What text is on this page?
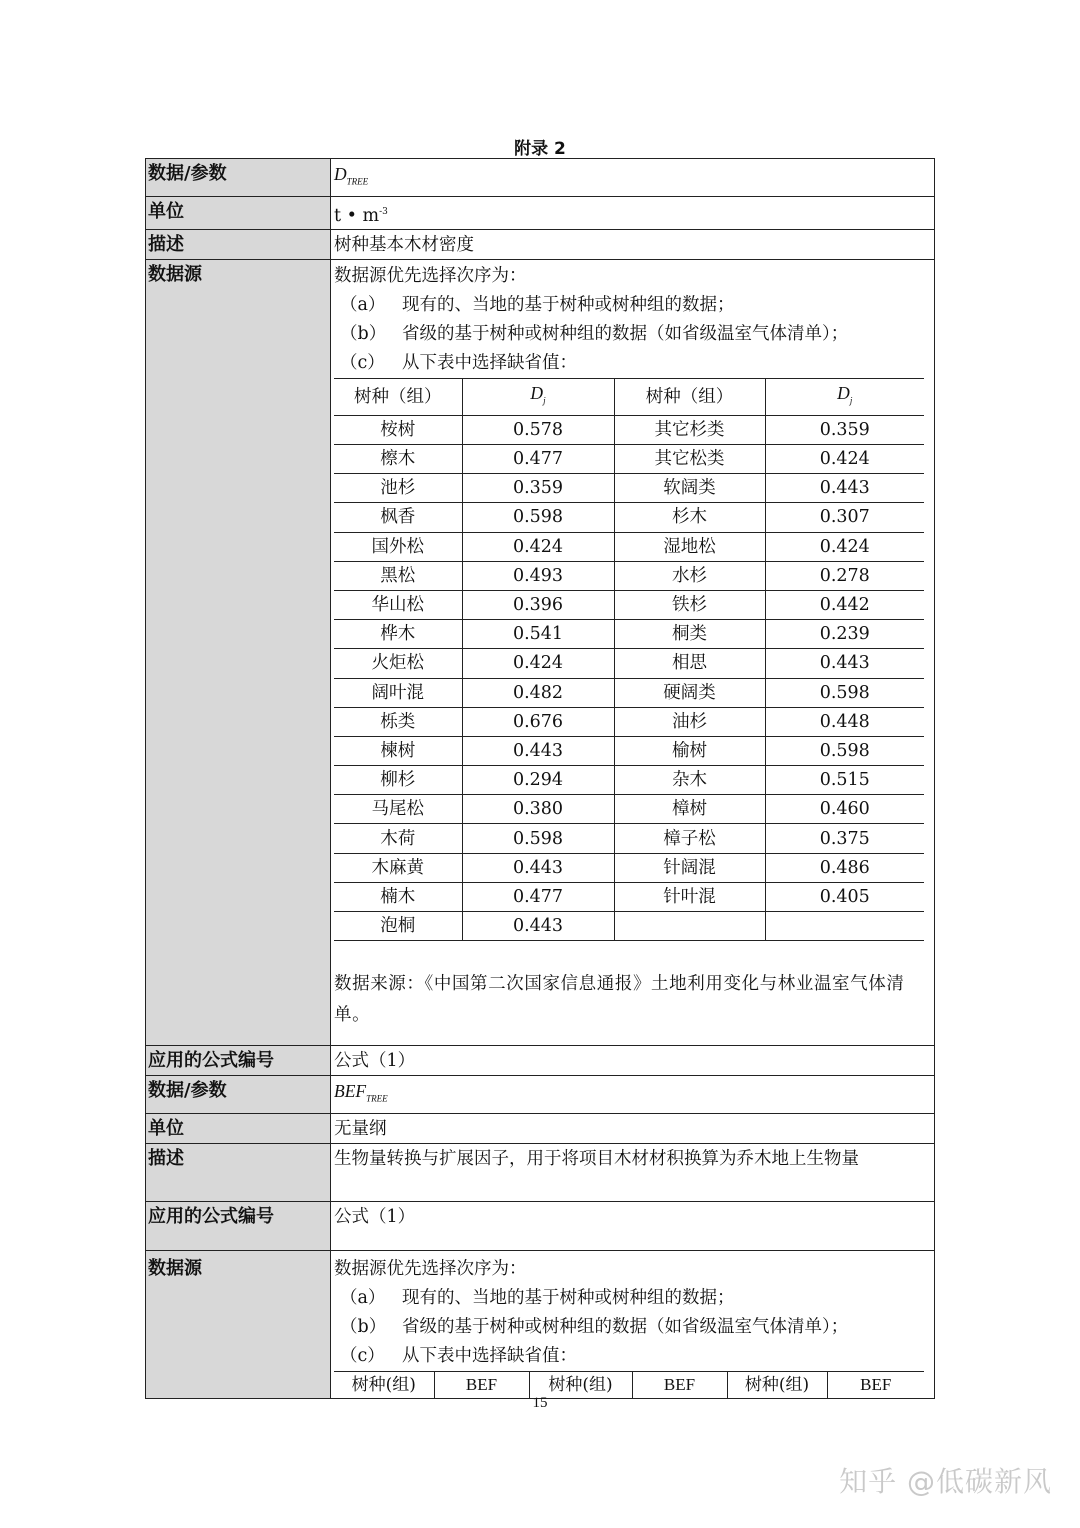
附录 2
数据/参数	$D_{TREE}$
单位	t • $m^{-3}$
描述	树种基本木材密度
数据源	数据源优先选择次序为：
（a） 现有的、当地的基于树种或树种组的数据；
（b） 省级的基于树种或树种组的数据（如省级温室气体清单）；
（c） 从下表中选择缺省值：
树种（组）	$D_j$	树种（组）	$D_j$
桉树	0.578	其它杉类	0.359
檫木	0.477	其它松类	0.424
池杉	0.359	软阔类	0.443
枫香	0.598	杉木	0.307
国外松	0.424	湿地松	0.424
黑松	0.493	水杉	0.278
华山松	0.396	铁杉	0.442
桦木	0.541	桐类	0.239
火炬松	0.424	相思	0.443
阔叶混	0.482	硬阔类	0.598
栎类	0.676	油杉	0.448
楝树	0.443	榆树	0.598
柳杉	0.294	杂木	0.515
马尾松	0.380	樟树	0.460
木荷	0.598	樟子松	0.375
木麻黄	0.443	针阔混	0.486
楠木	0.477	针叶混	0.405
泡桐	0.443		
数据来源：《中国第二次国家信息通报》土地利用变化与林业温室气体清单。

应用的公式编号	公式（1）
数据/参数	$BEF_{TREE}$
单位	无量纲
描述	生物量转换与扩展因子，用于将项目木材材积换算为乔木地上生物量
应用的公式编号	公式（1）
数据源	数据源优先选择次序为：
（a） 现有的、当地的基于树种或树种组的数据；
（b） 省级的基于树种或树种组的数据（如省级温室气体清单）；
（c） 从下表中选择缺省值：
树种(组)	BEF	树种(组)	BEF	树种(组)	BEF
15
知乎 @低碳新风
